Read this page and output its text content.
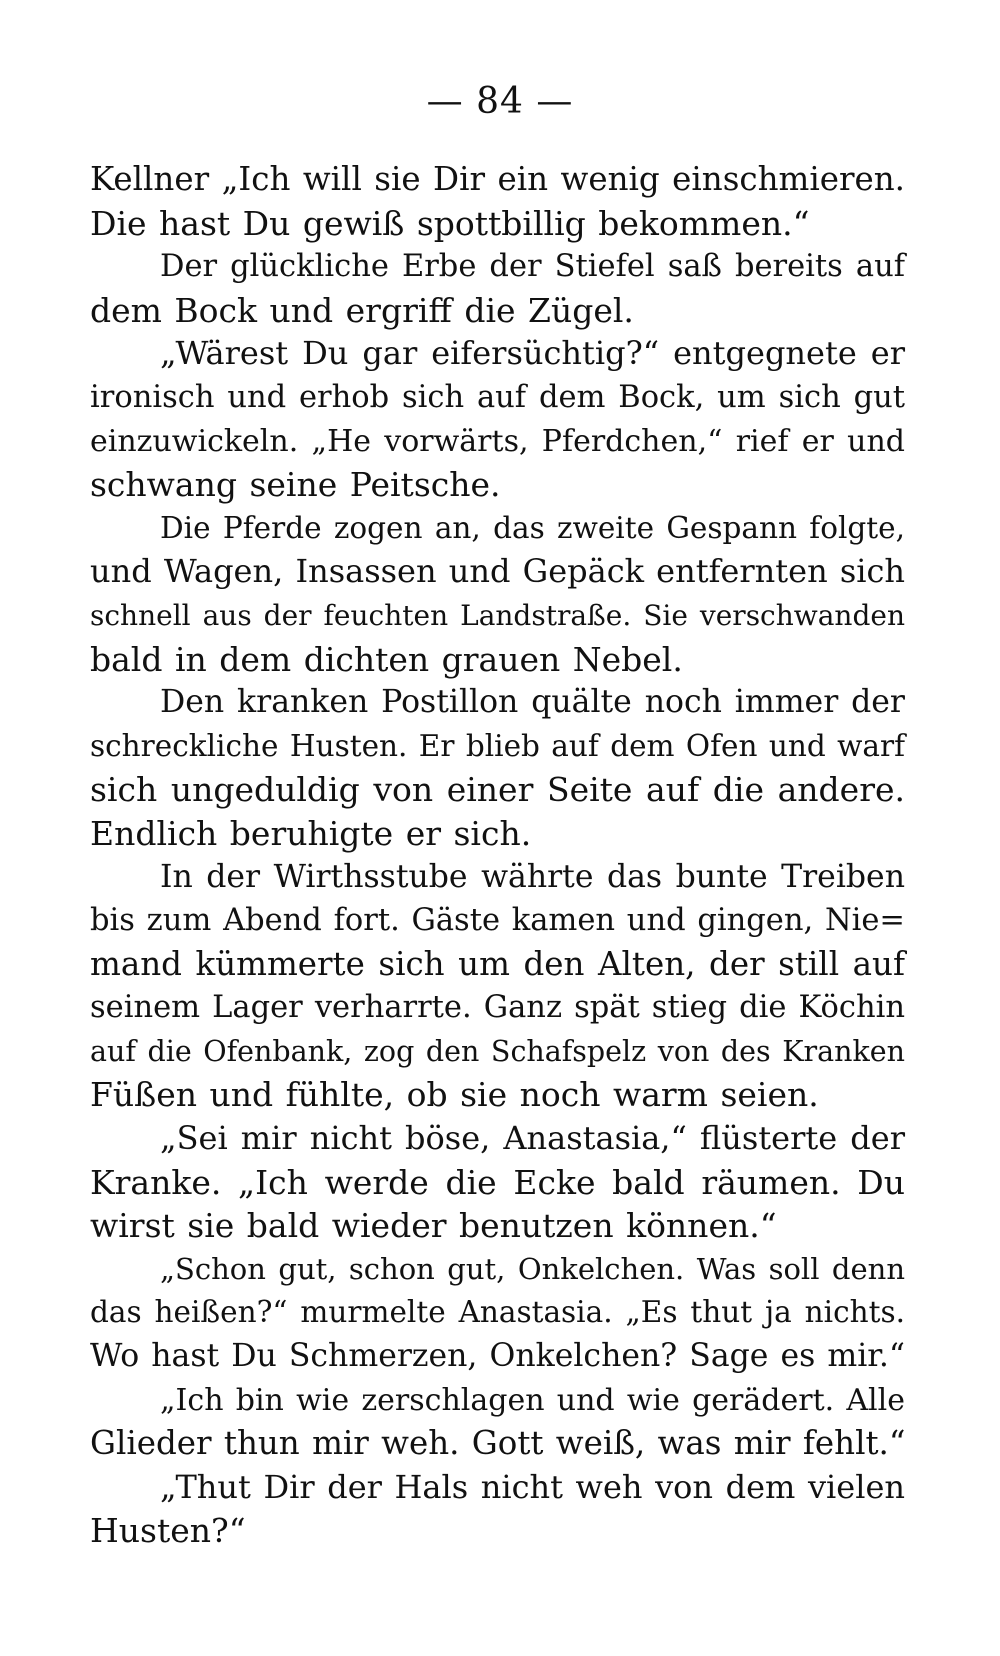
— 84 —
Kellner „Ich will sie Dir ein wenig einschmieren.
Die hast Du gewiß spottbillig bekommen.“
Der glückliche Erbe der Stiefel saß bereits auf
dem Bock und ergriff die Zügel.
„Wärest Du gar eifersüchtig?“ entgegnete er
ironisch und erhob sich auf dem Bock, um sich gut
einzuwickeln. „He vorwärts, Pferdchen,“ rief er und
schwang seine Peitsche.
Die Pferde zogen an, das zweite Gespann folgte,
und Wagen, Insassen und Gepäck entfernten sich
schnell aus der feuchten Landstraße. Sie verschwanden
bald in dem dichten grauen Nebel.
Den kranken Postillon quälte noch immer der
schreckliche Husten. Er blieb auf dem Ofen und warf
sich ungeduldig von einer Seite auf die andere.
Endlich beruhigte er sich.
In der Wirthsstube währte das bunte Treiben
bis zum Abend fort. Gäste kamen und gingen, Nie=
mand kümmerte sich um den Alten, der still auf
seinem Lager verharrte. Ganz spät stieg die Köchin
auf die Ofenbank, zog den Schafspelz von des Kranken
Füßen und fühlte, ob sie noch warm seien.
„Sei mir nicht böse, Anastasia,“ flüsterte der
Kranke. „Ich werde die Ecke bald räumen. Du
wirst sie bald wieder benutzen können.“
„Schon gut, schon gut, Onkelchen. Was soll denn
das heißen?“ murmelte Anastasia. „Es thut ja nichts.
Wo hast Du Schmerzen, Onkelchen? Sage es mir.“
„Ich bin wie zerschlagen und wie gerädert. Alle
Glieder thun mir weh. Gott weiß, was mir fehlt.“
„Thut Dir der Hals nicht weh von dem vielen
Husten?“
